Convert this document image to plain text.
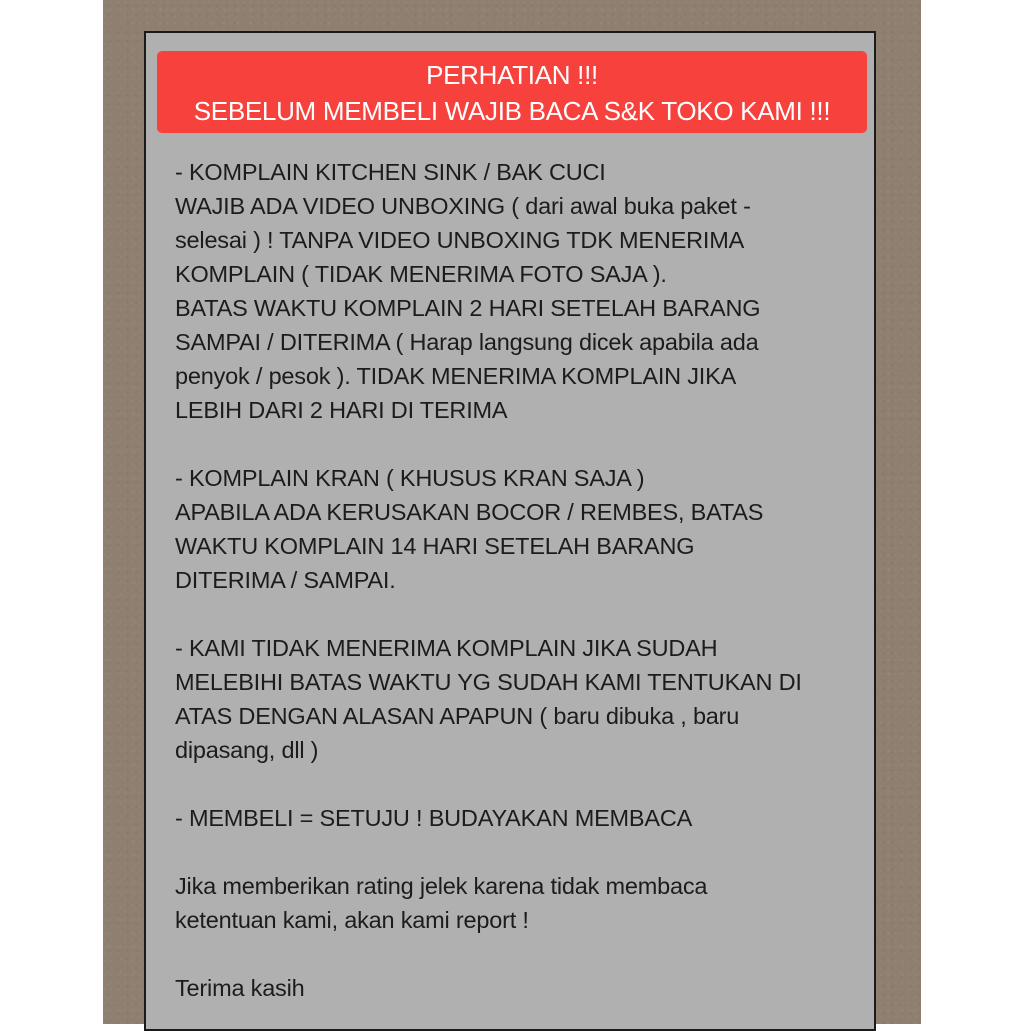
PERHATIAN !!!
SEBELUM MEMBELI WAJIB BACA S&K TOKO KAMI !!!
- KOMPLAIN KITCHEN SINK / BAK CUCI
WAJIB ADA VIDEO UNBOXING ( dari awal buka paket -
selesai ) ! TANPA VIDEO UNBOXING TDK MENERIMA
KOMPLAIN ( TIDAK MENERIMA FOTO SAJA ).
BATAS WAKTU KOMPLAIN 2 HARI SETELAH BARANG
SAMPAI / DITERIMA ( Harap langsung dicek apabila ada
penyok / pesok ). TIDAK MENERIMA KOMPLAIN JIKA
LEBIH DARI 2 HARI DI TERIMA
- KOMPLAIN KRAN ( KHUSUS KRAN SAJA )
APABILA ADA KERUSAKAN BOCOR / REMBES, BATAS
WAKTU KOMPLAIN 14 HARI SETELAH BARANG
DITERIMA / SAMPAI.
- KAMI TIDAK MENERIMA KOMPLAIN JIKA SUDAH
MELEBIHI BATAS WAKTU YG SUDAH KAMI TENTUKAN DI
ATAS DENGAN ALASAN APAPUN ( baru dibuka , baru
dipasang, dll )
- MEMBELI = SETUJU ! BUDAYAKAN MEMBACA
Jika memberikan rating jelek karena tidak membaca
ketentuan kami, akan kami report !
Terima kasih
